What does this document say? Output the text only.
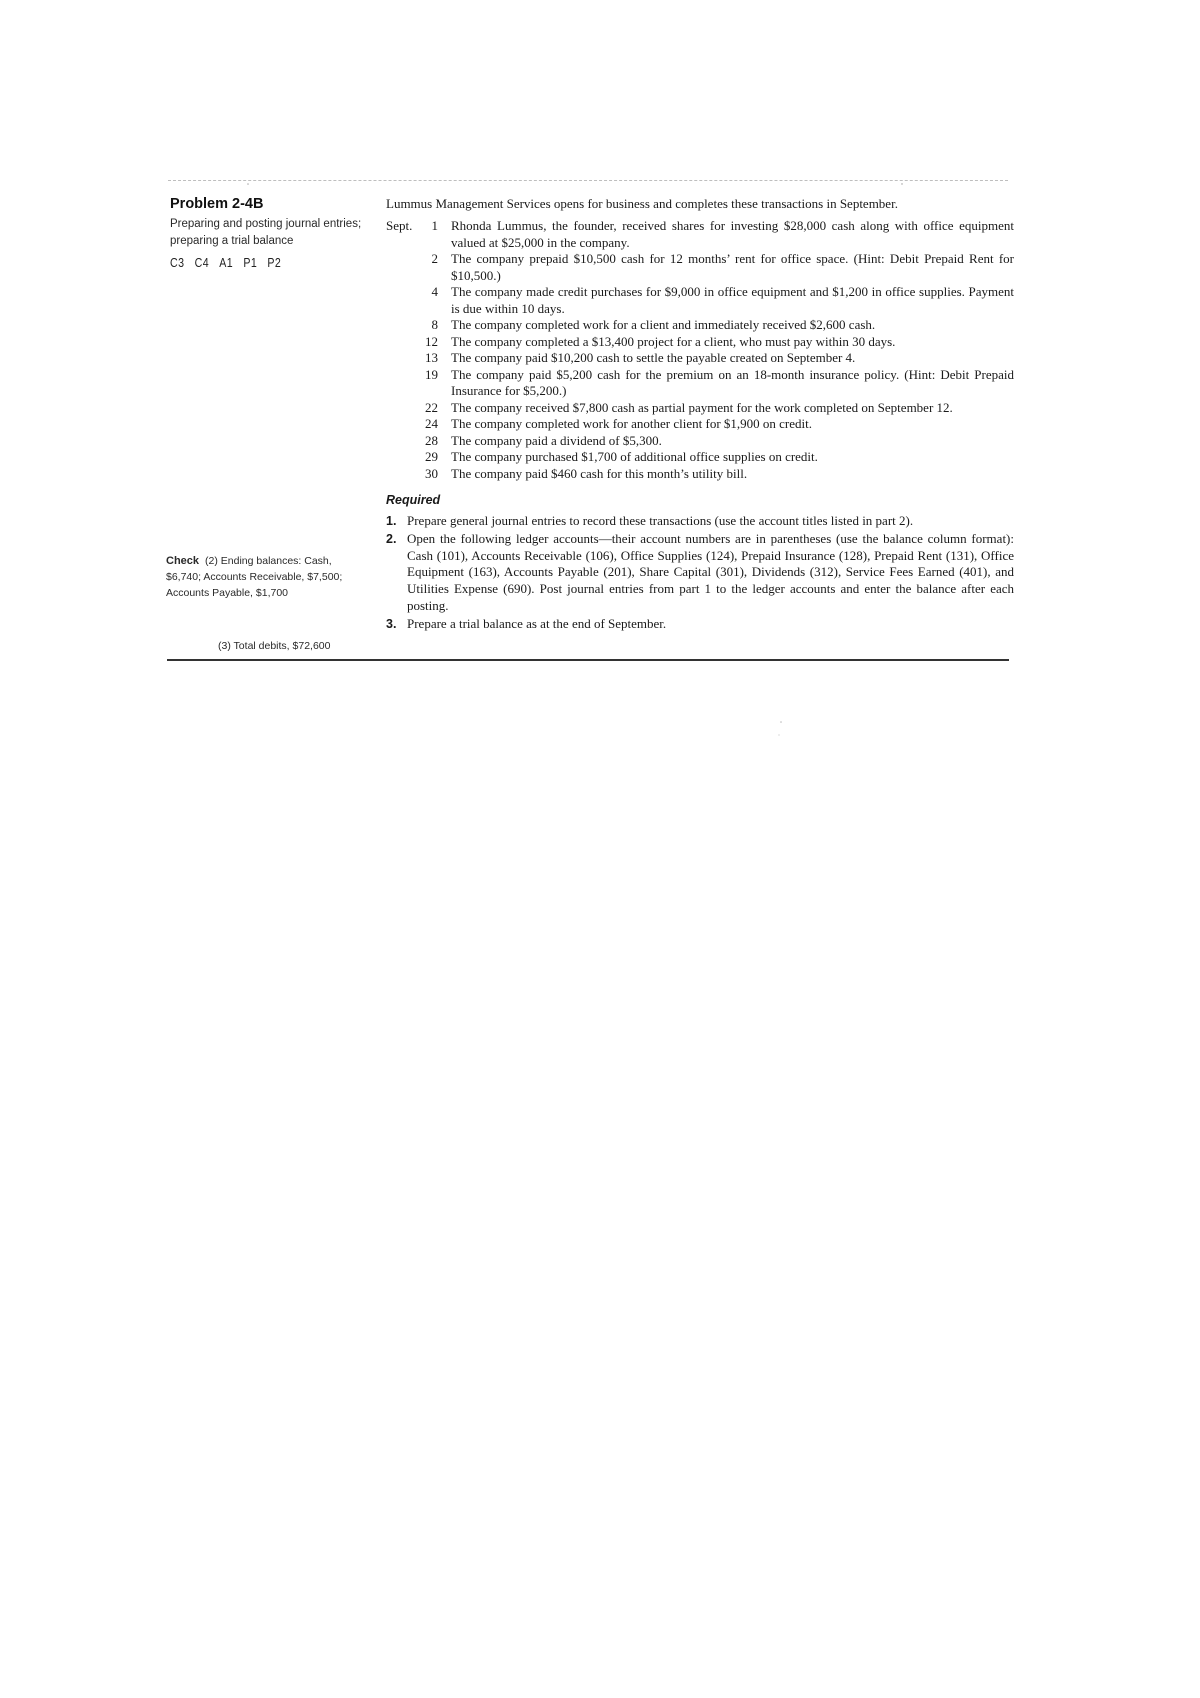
Problem 2-4B
Preparing and posting journal entries; preparing a trial balance
C3 C4 A1 P1 P2
Check (2) Ending balances: Cash, $6,740; Accounts Receivable, $7,500; Accounts Payable, $1,700
(3) Total debits, $72,600

Lummus Management Services opens for business and completes these transactions in September.

Sept.	1 Rhonda Lummus, the founder, received shares for investing $28,000 cash along with office equipment valued at $25,000 in the company.
2 The company prepaid $10,500 cash for 12 months’ rent for office space. (Hint: Debit Prepaid Rent for $10,500.)
4 The company made credit purchases for $9,000 in office equipment and $1,200 in office supplies. Payment is due within 10 days.
8 The company completed work for a client and immediately received $2,600 cash.
12 The company completed a $13,400 project for a client, who must pay within 30 days.
13 The company paid $10,200 cash to settle the payable created on September 4.
19 The company paid $5,200 cash for the premium on an 18-month insurance policy. (Hint: Debit Prepaid Insurance for $5,200.)
22 The company received $7,800 cash as partial payment for the work completed on September 12.
24 The company completed work for another client for $1,900 on credit.
28 The company paid a dividend of $5,300.
29 The company purchased $1,700 of additional office supplies on credit.
30 The company paid $460 cash for this month’s utility bill.
Required
1. Prepare general journal entries to record these transactions (use the account titles listed in part 2).
2. Open the following ledger accounts—their account numbers are in parentheses (use the balance column format): Cash (101), Accounts Receivable (106), Office Supplies (124), Prepaid Insurance (128), Prepaid Rent (131), Office Equipment (163), Accounts Payable (201), Share Capital (301), Dividends (312), Service Fees Earned (401), and Utilities Expense (690). Post journal entries from part 1 to the ledger accounts and enter the balance after each posting.
3. Prepare a trial balance as at the end of September.
